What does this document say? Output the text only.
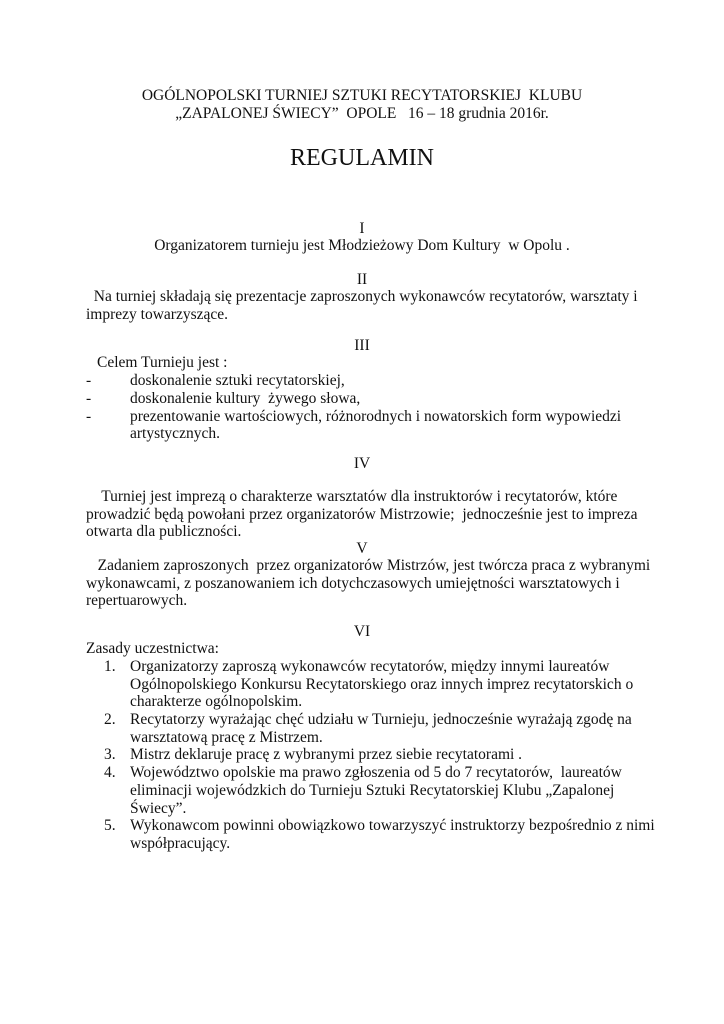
OGÓLNOPOLSKI TURNIEJ SZTUKI RECYTATORSKIEJ  KLUBU
„ZAPALONEJ ŚWIECY”  OPOLE   16 – 18 grudnia 2016r.
REGULAMIN
I
Organizatorem turnieju jest Młodzieżowy Dom Kultury  w Opolu .
II
Na turniej składają się prezentacje zaproszonych wykonawców recytatorów, warsztaty i
imprezy towarzyszące.
III
Celem Turnieju jest :
-	doskonalenie sztuki recytatorskiej,
-	doskonalenie kultury  żywego słowa,
-	prezentowanie wartościowych, różnorodnych i nowatorskich form wypowiedzi
artystycznych.
IV
Turniej jest imprezą o charakterze warsztatów dla instruktorów i recytatorów, które
prowadzić będą powołani przez organizatorów Mistrzowie;  jednocześnie jest to impreza
otwarta dla publiczności.
V
Zadaniem zaproszonych  przez organizatorów Mistrzów, jest twórcza praca z wybranymi
wykonawcami, z poszanowaniem ich dotychczasowych umiejętności warsztatowych i
repertuarowych.
VI
Zasady uczestnictwa:
1. Organizatorzy zaproszą wykonawców recytatorów, między innymi laureatów
Ogólnopolskiego Konkursu Recytatorskiego oraz innych imprez recytatorskich o
charakterze ogólnopolskim.
2. Recytatorzy wyrażając chęć udziału w Turnieju, jednocześnie wyrażają zgodę na
warsztatową pracę z Mistrzem.
3. Mistrz deklaruje pracę z wybranymi przez siebie recytatorami .
4. Województwo opolskie ma prawo zgłoszenia od 5 do 7 recytatorów,  laureatów
eliminacji wojewódzkich do Turnieju Sztuki Recytatorskiej Klubu „Zapalonej
Świecy”.
5. Wykonawcom powinni obowiązkowo towarzyszyć instruktorzy bezpośrednio z nimi
współpracujący.
